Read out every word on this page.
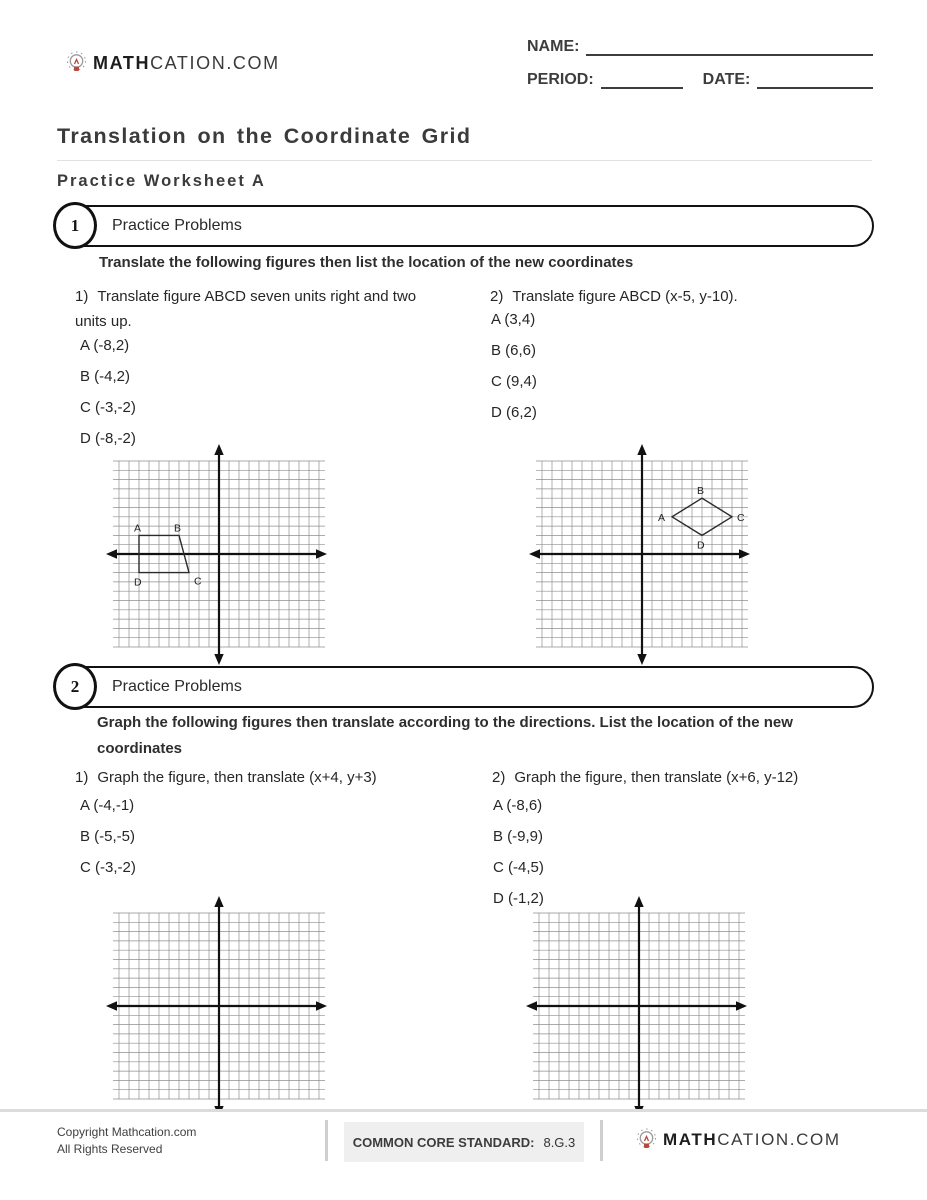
MATHCATION.COM
NAME:
PERIOD:	DATE:
Translation on the Coordinate Grid
Practice Worksheet A
Practice Problems
1
Translate the following figures then list the location of the new coordinates
1) Translate figure ABCD seven units right and two units up.
A (-8,2)
B (-4,2)
C (-3,-2)
D (-8,-2)
2) Translate figure ABCD (x-5, y-10).
A (3,4)
B (6,6)
C (9,4)
D (6,2)
A	B
C
D
A
B
C
D
Practice Problems
2
Graph the following figures then translate according to the directions. List the location of the new coordinates
1) Graph the figure, then translate (x+4, y+3)
A (-4,-1)
B (-5,-5)
C (-3,-2)
2) Graph the figure, then translate (x+6, y-12)
A (-8,6)
B (-9,9)
C (-4,5)
D (-1,2)
Copyright Mathcation.com
All Rights Reserved	COMMON CORE STANDARD: 8.G.3	MATHCATION.COM
